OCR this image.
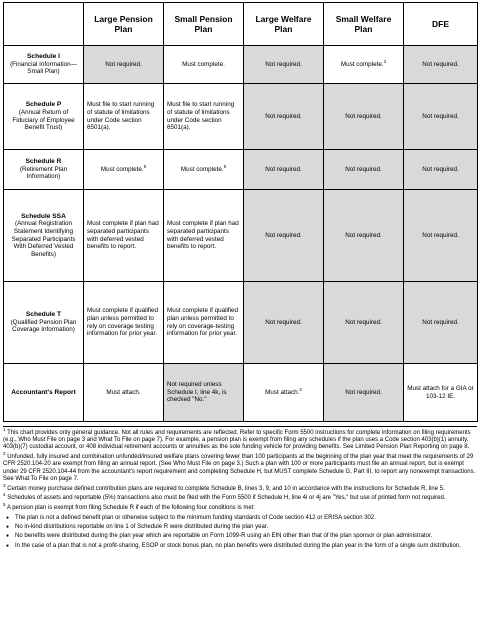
	Large Pension Plan	Small Pension Plan	Large Welfare Plan	Small Welfare Plan	DFE

Schedule I
(Financial Information— Small Plan)	Not required.	Must complete.	Not required.	Must complete.$^3$	Not required.

Schedule P
(Annual Return of Fiduciary of Employee Benefit Trust)	Must file to start running of statute of limitations under Code section 6501(a).	Must file to start running of statute of limitations under Code section 6501(a).	Not required.	Not required.	Not required.

Schedule R
(Retirement Plan Information)	Must complete.$^5$	Must complete.$^5$	Not required.	Not required.	Not required.

Schedule SSA
(Annual Registration Statement Identifying Separated Participants With Deferred Vested Benefits)	Must complete if plan had separated participants with deferred vested benefits to report.	Must complete if plan had separated participants with deferred vested benefits to report.	Not required.	Not required.	Not required.

Schedule T
(Qualified Pension Plan Coverage Information)	Must complete if qualified plan unless permitted to rely on coverage testing information for prior year.	Must complete if qualified plan unless permitted to rely on coverage-testing information for prior year.	Not required.	Not required.	Not required.

Accountant's Report	Must attach.	Not required unless Schedule I, line 4k, is checked "No."	Must attach.$^2$	Not required.	Must attach for a GIA or 103-12 IE.

$^1$ This chart provides only general guidance. Not all rules and requirements are reflected. Refer to specific Form 5500 instructions for complete information on filing requirements (e.g., Who Must File on page 3 and What To File on page 7). For example, a pension plan is exempt from filing any schedules if the plan uses a Code section 403(b)(1) annuity, 403(b)(7) custodial account, or 408 individual retirement accounts or annuities as the sole funding vehicle for providing benefits. See Limited Pension Plan Reporting on page 8.

$^2$ Unfunded, fully insured and combination unfunded/insured welfare plans covering fewer than 100 participants at the beginning of the plan year that meet the requirements of 29 CFR 2520.104-20 are exempt from filing an annual report. (See Who Must File on page 3.) Such a plan with 100 or more participants must file an annual report, but is exempt under 29 CFR 2520.104-44 from the accountant's report requirement and completing Schedule H, but MUST complete Schedule G, Part III, to report any nonexempt transactions. See What To File on page 7.

$^3$ Certain money purchase defined contribution plans are required to complete Schedule B, lines 3, 9, and 10 in accordance with the instructions for Schedule R, line 5.

$^4$ Schedules of assets and reportable (5%) transactions also must be filed with the Form 5500 if Schedule H, line 4i or 4j are "Yes," but use of printed form not required.

$^5$ A pension plan is exempt from filing Schedule R if each of the following four conditions is met:

● The plan is not a defined benefit plan or otherwise subject to the minimum funding standards of Code section 412 or ERISA section 302.

● No in-kind distributions reportable on line 1 of Schedule R were distributed during the plan year.

● No benefits were distributed during the plan year which are reportable on Form 1099-R using an EIN other than that of the plan sponsor or plan administrator.

● In the case of a plan that is not a profit-sharing, ESOP or stock bonus plan, no plan benefits were distributed during the plan year in the form of a single sum distribution.
